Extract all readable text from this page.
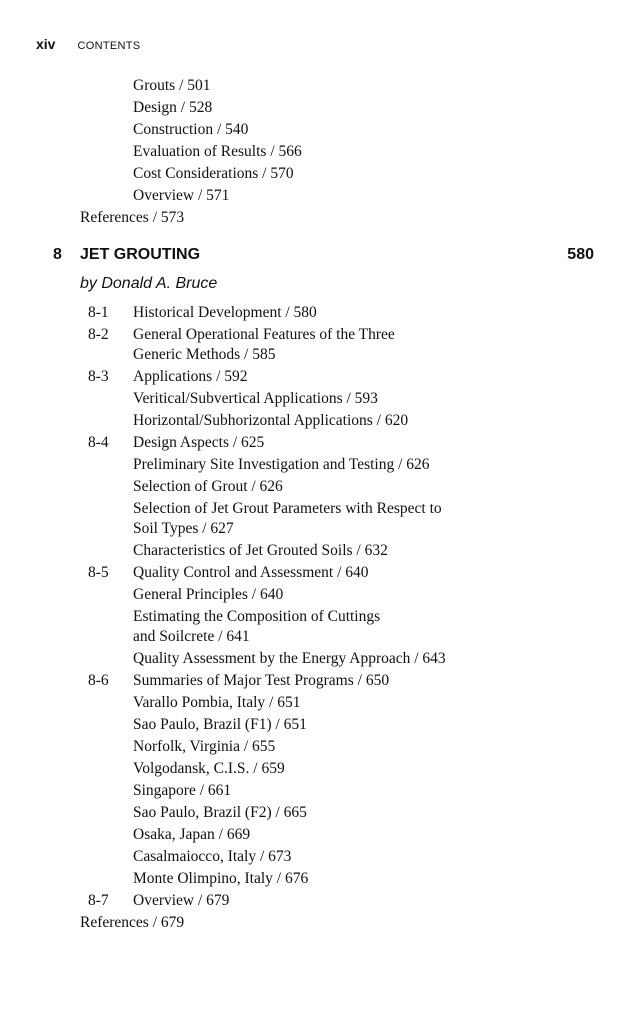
xiv CONTENTS
Grouts / 501
Design / 528
Construction / 540
Evaluation of Results / 566
Cost Considerations / 570
Overview / 571
References / 573
8 JET GROUTING	580
by Donald A. Bruce
8-1 Historical Development / 580
8-2 General Operational Features of the Three
Generic Methods / 585
8-3 Applications / 592
Veritical/Subvertical Applications / 593
Horizontal/Subhorizontal Applications / 620
8-4 Design Aspects / 625
Preliminary Site Investigation and Testing / 626
Selection of Grout / 626
Selection of Jet Grout Parameters with Respect to
Soil Types / 627
Characteristics of Jet Grouted Soils / 632
8-5 Quality Control and Assessment / 640
General Principles / 640
Estimating the Composition of Cuttings
and Soilcrete / 641
Quality Assessment by the Energy Approach / 643
8-6 Summaries of Major Test Programs / 650
Varallo Pombia, Italy / 651
Sao Paulo, Brazil (F1) / 651
Norfolk, Virginia / 655
Volgodansk, C.I.S. / 659
Singapore / 661
Sao Paulo, Brazil (F2) / 665
Osaka, Japan / 669
Casalmaiocco, Italy / 673
Monte Olimpino, Italy / 676
8-7 Overview / 679
References / 679
